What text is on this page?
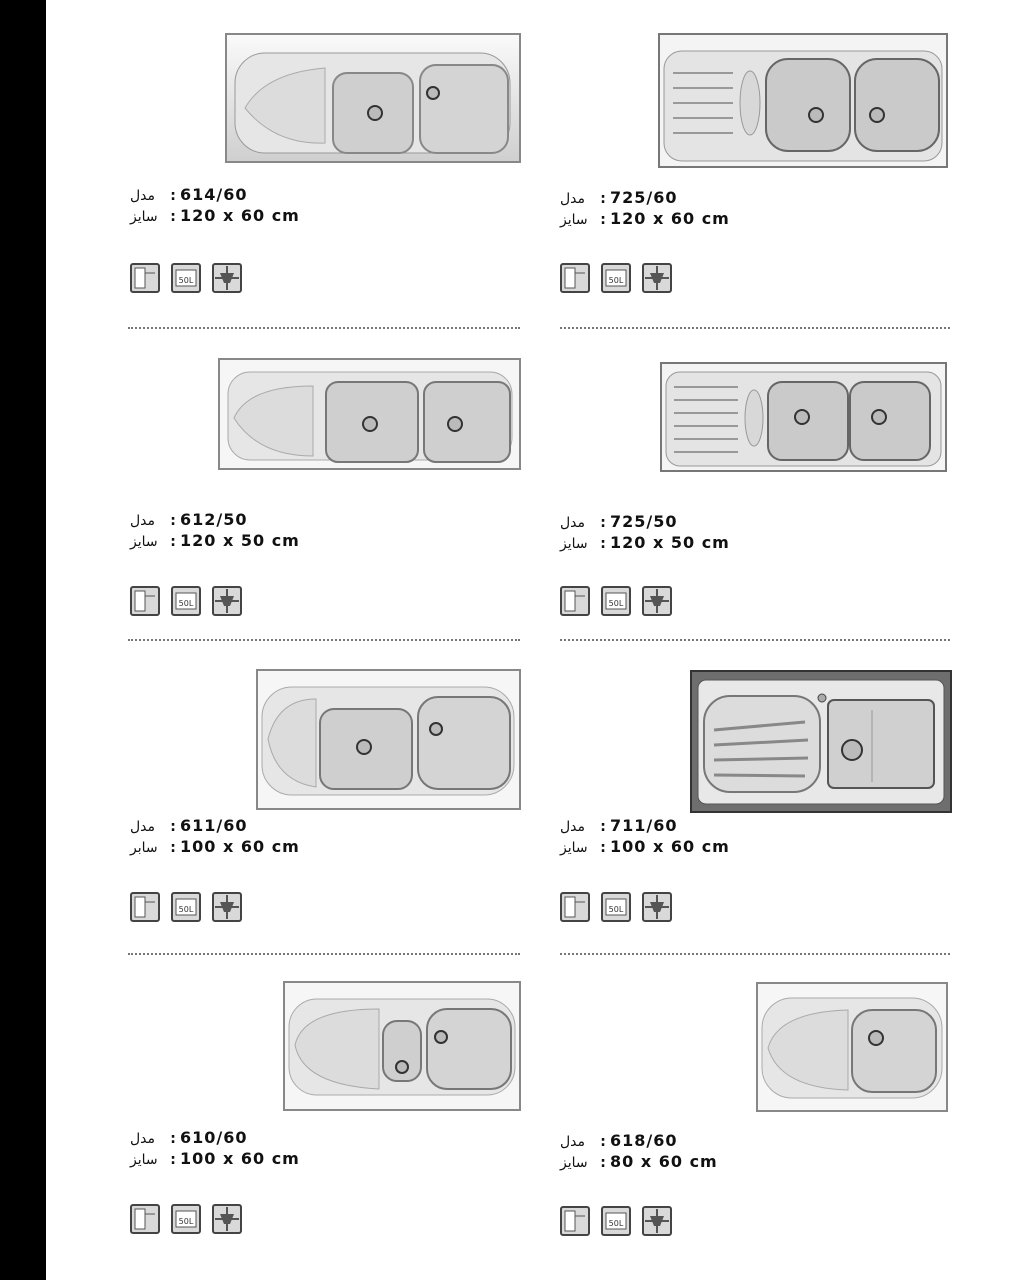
مدل	: 614/60
سایز : 120 x 60 cm
50L
مدل	: 725/60
سایز : 120 x 60 cm
50L
مدل	: 612/50
سایز : 120 x 50 cm
50L
مدل	: 725/50
سایز : 120 x 50 cm
50L
مدل	: 611/60
سابر : 100 x 60 cm
50L
مدل	: 711/60
سایز : 100 x 60 cm
50L
مدل	: 610/60
سایز : 100 x 60 cm
50L
مدل	: 618/60
سایز : 80 x 60 cm
50L
